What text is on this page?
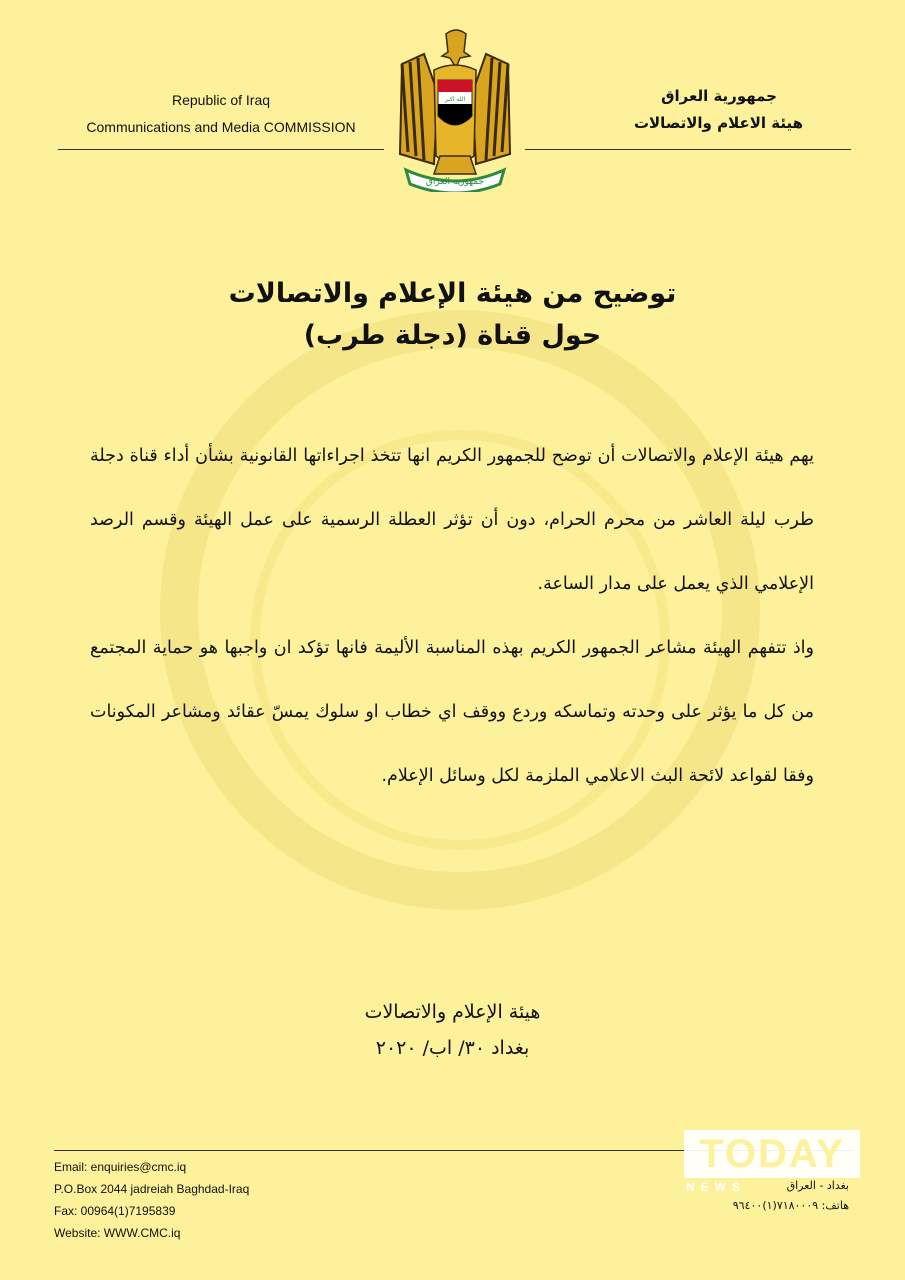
Republic of Iraq
Communications and Media COMMISSION
جمهورية العراق
هيئة الاعلام والاتصالات
الله اكبر
جمهورية العراق
توضيح من هيئة الإعلام والاتصالات
حول قناة (دجلة طرب)

يهم هيئة الإعلام والاتصالات أن توضح للجمهور الكريم انها تتخذ اجراءاتها القانونية بشأن أداء قناة دجلة طرب ليلة العاشر من محرم الحرام، دون أن تؤثر العطلة الرسمية على عمل الهيئة وقسم الرصد الإعلامي الذي يعمل على مدار الساعة.

واذ تتفهم الهيئة مشاعر الجمهور الكريم بهذه المناسبة الأليمة فانها تؤكد ان واجبها هو حماية المجتمع من كل ما يؤثر على وحدته وتماسكه وردع ووقف اي خطاب او سلوك يمسّ عقائد ومشاعر المكونات وفقا لقواعد لائحة البث الاعلامي الملزمة لكل وسائل الإعلام.

هيئة الإعلام والاتصالات
بغداد ٣٠/ اب/ ٢٠٢٠
Email: enquiries@cmc.iq
P.O.Box 2044 jadreiah Baghdad-Iraq
Fax: 00964(1)7195839
Website: WWW.CMC.iq
بغداد - العراق
هاتف: ٧١٨٠٠٠٩(١)٩٦٤٠٠
TODAY
NEWS
